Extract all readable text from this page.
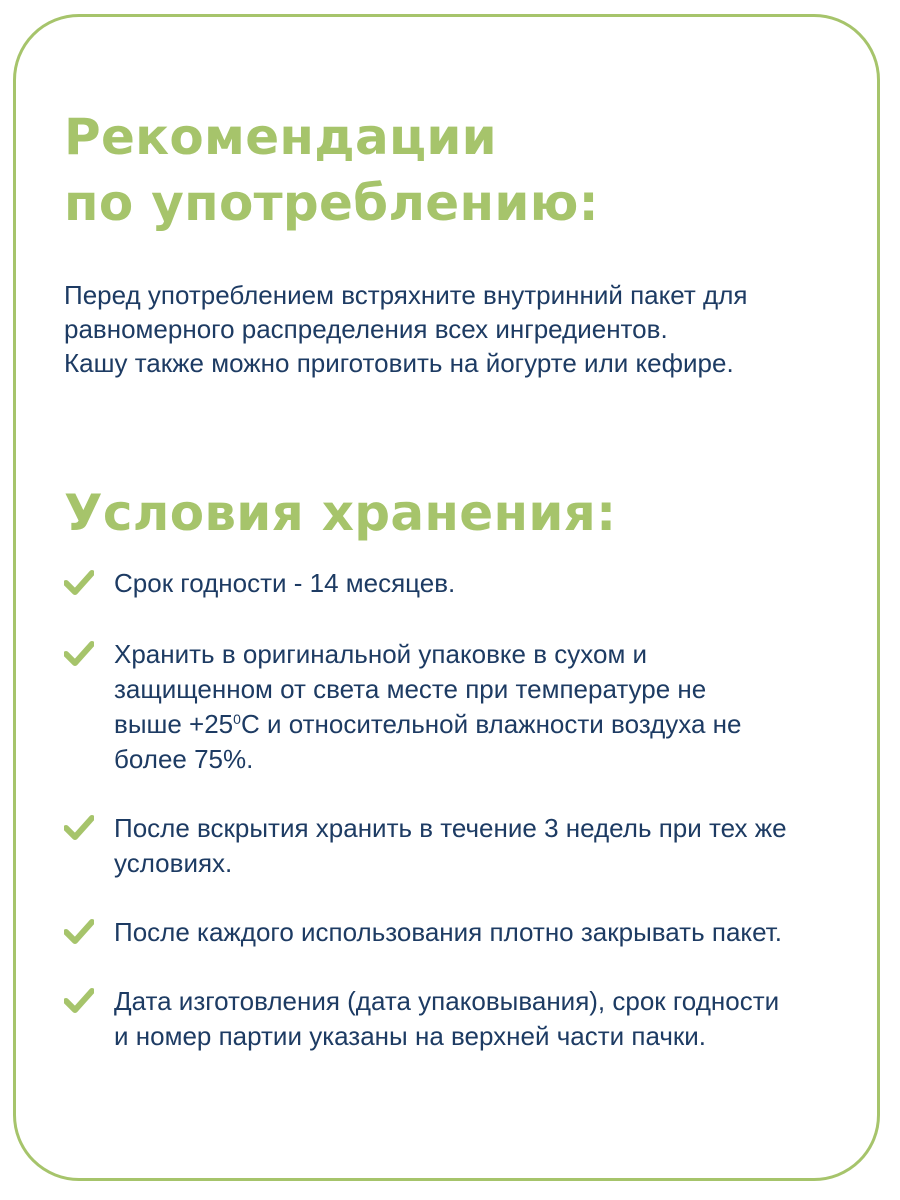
Рекомендации
по употреблению:

Перед употреблением встряхните внутринний пакет для
равномерного распределения всех ингредиентов.
Кашу также можно приготовить на йогурте или кефире.

Условия хранения:
Срок годности - 14 месяцев.
Хранить в оригинальной упаковке в сухом и
защищенном от света месте при температуре не
выше $+25^0С$ и относительной влажности воздуха не
более 75%.
После вскрытия хранить в течение 3 недель при тех же
условиях.
После каждого использования плотно закрывать пакет.
Дата изготовления (дата упаковывания), срок годности
и номер партии указаны на верхней части пачки.
